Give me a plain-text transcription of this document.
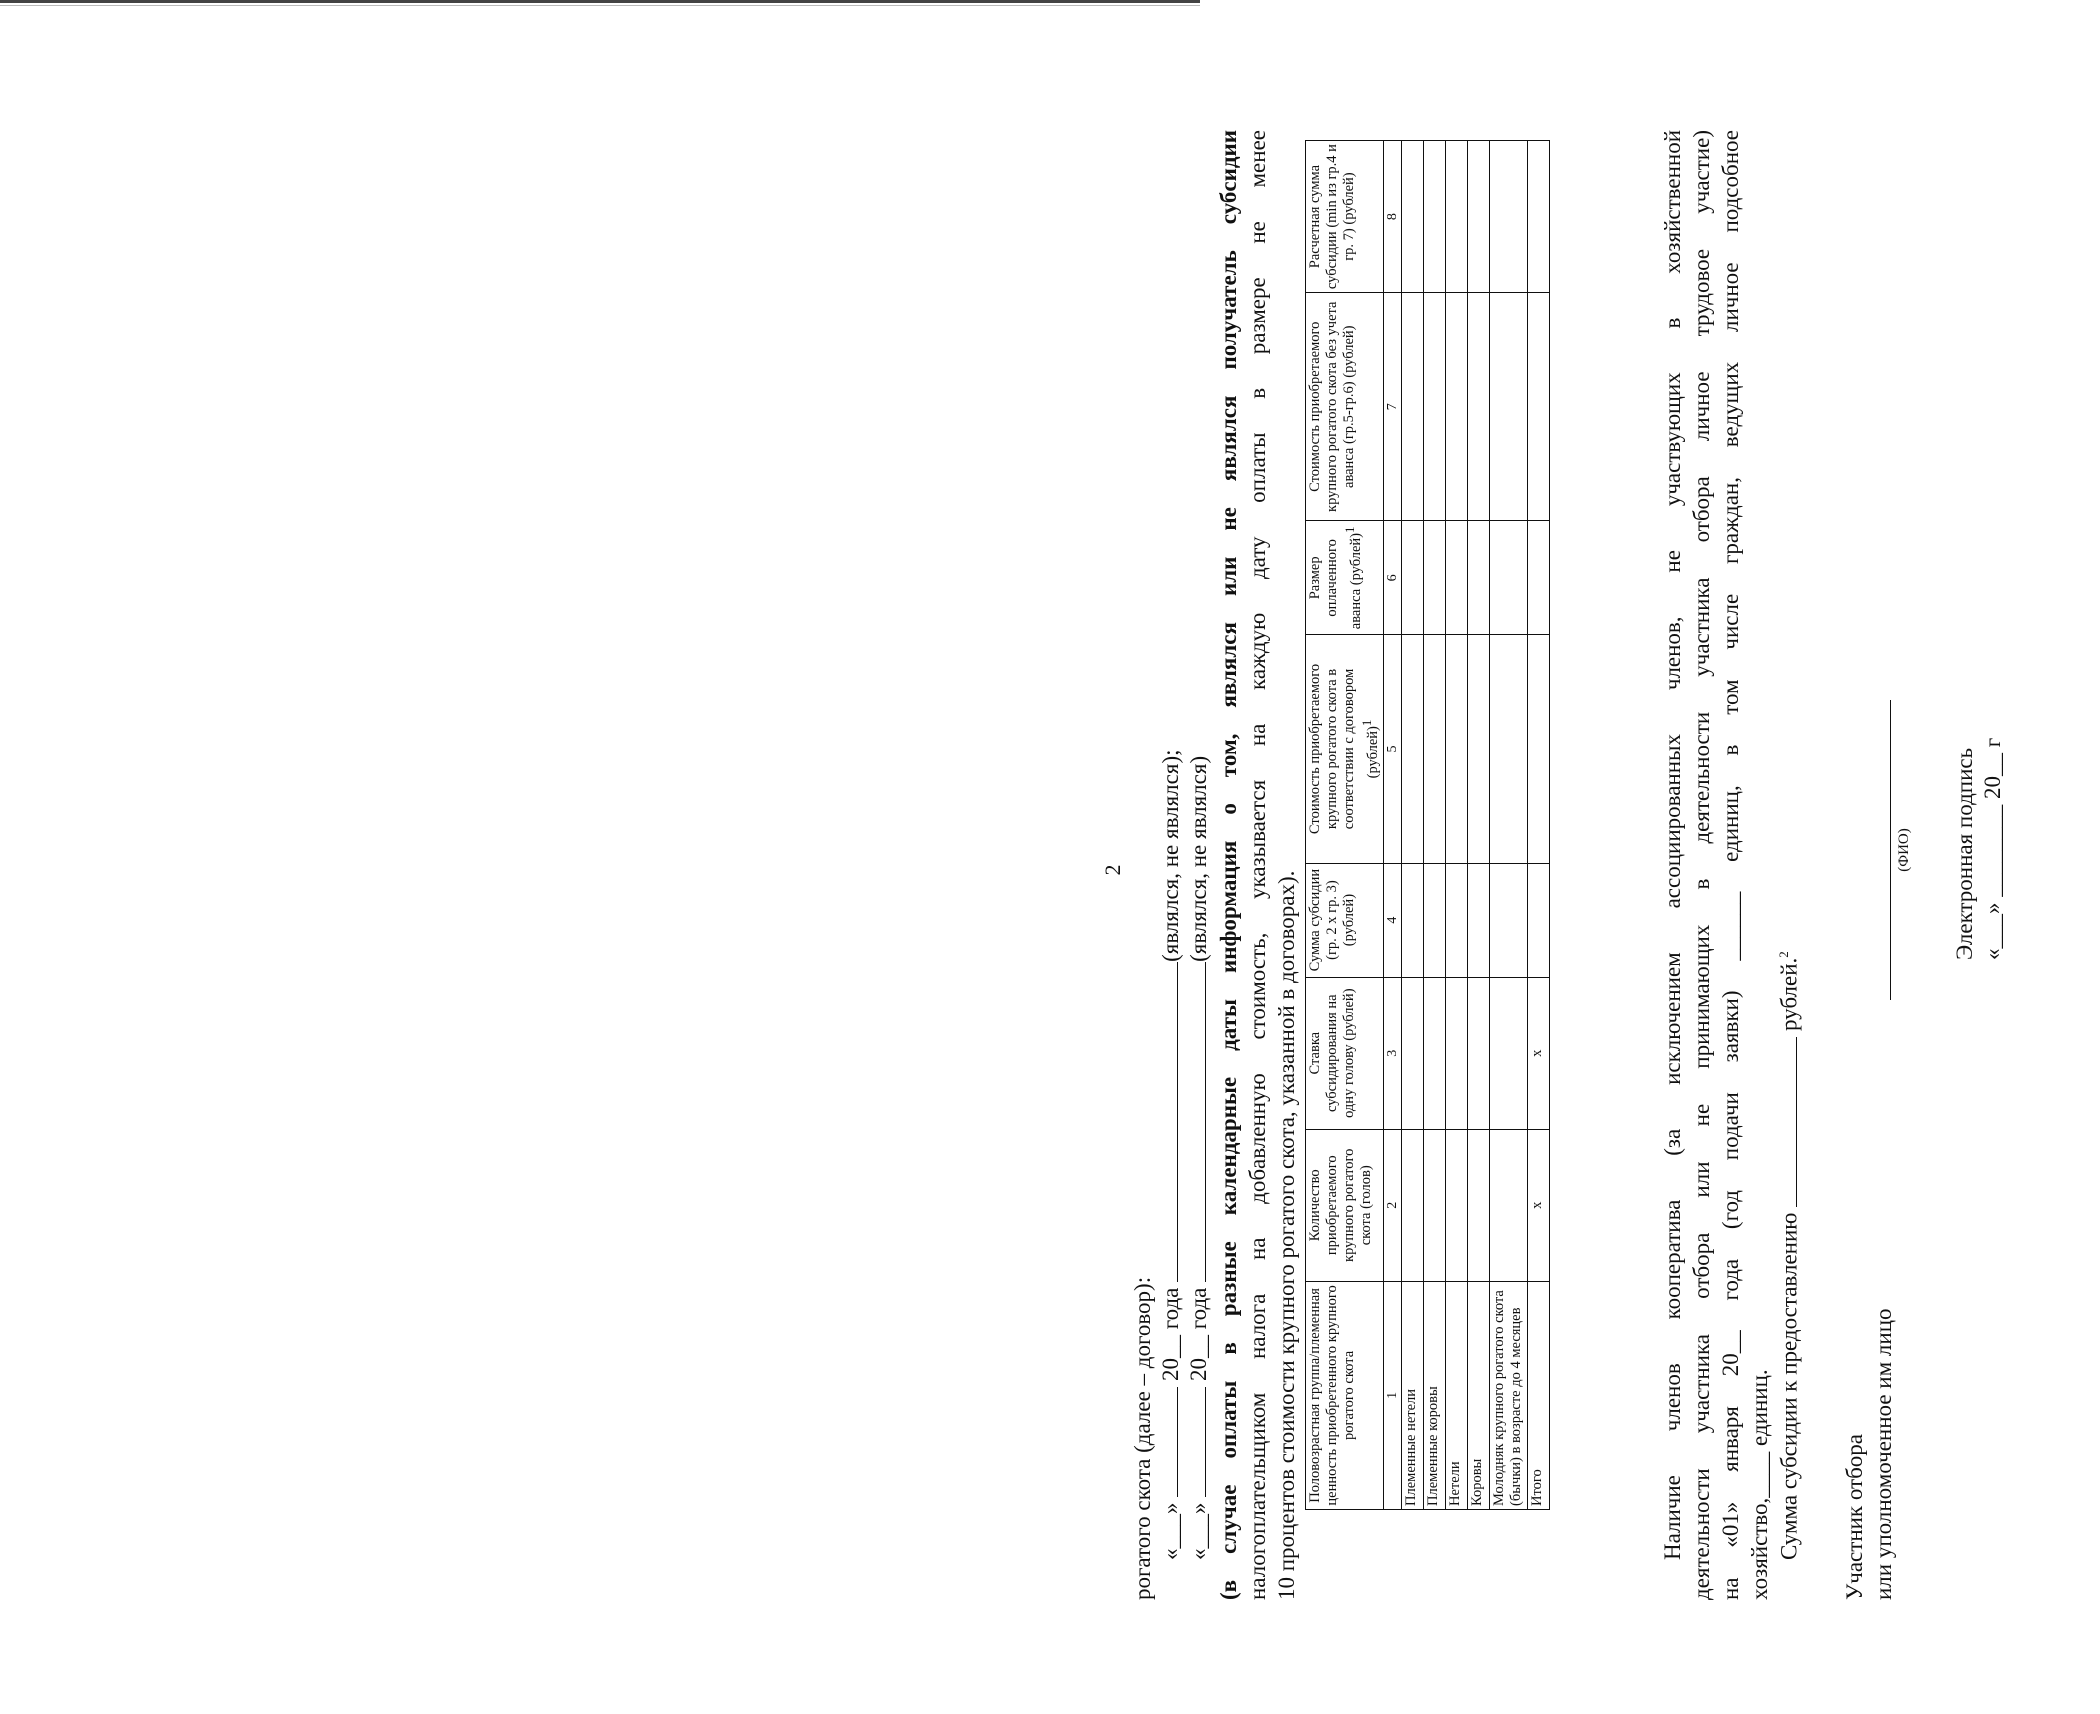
2
рогатого скота (далее – договор): «___»  20__ года (являлся, не являлся);
«___»  20__ года (являлся, не являлся) (в случае оплаты в разные календарные даты информация о том, являлся или не являлся получатель субсидии налогоплательщиком налога на добавленную стоимость, указывается на каждую дату оплаты в размере не менее 10 процентов стоимости крупного рогатого скота, указанной в договорах). Половозрастная группа/племенная ценность приобретенного крупного рогатого скота	Количество приобретаемого крупного рогатого скота (голов)	Ставка субсидирования на одну голову (рублей)	Сумма субсидии (гр. 2 x гр. 3) (рублей)	Стоимость приобретаемого крупного рогатого скота в соответствии с договором (рублей)$^1$	Размер оплаченного аванса (рублей)$^1$	Стоимость приобретаемого крупного рогатого скота без учета аванса (гр.5-гр.6) (рублей)	Расчетная сумма субсидии (min из гр.4 и гр. 7) (рублей)
1	2	3	4	5	6	7	8
Племенные нетели							
Племенные коровы							
Нетели							
Коровы							
Молодняк крупного рогатого скота (бычки) в возрасте до 4 месяцев							
Итого	x	x						Наличие членов кооператива (за исключением ассоциированных членов, не участвующих в хозяйственной деятельности участника отбора или не принимающих в деятельности участника отбора личное трудовое участие) на «01» января 20__ года (год подачи заявки) ______ единиц, в том числе граждан, ведущих личное подсобное хозяйство,____ единиц. Сумма субсидии к предоставлению  рублей.$^2$
Участник отбора или уполномоченное им лицо
(ФИО) Электронная подпись «___» ________ 20__ г
